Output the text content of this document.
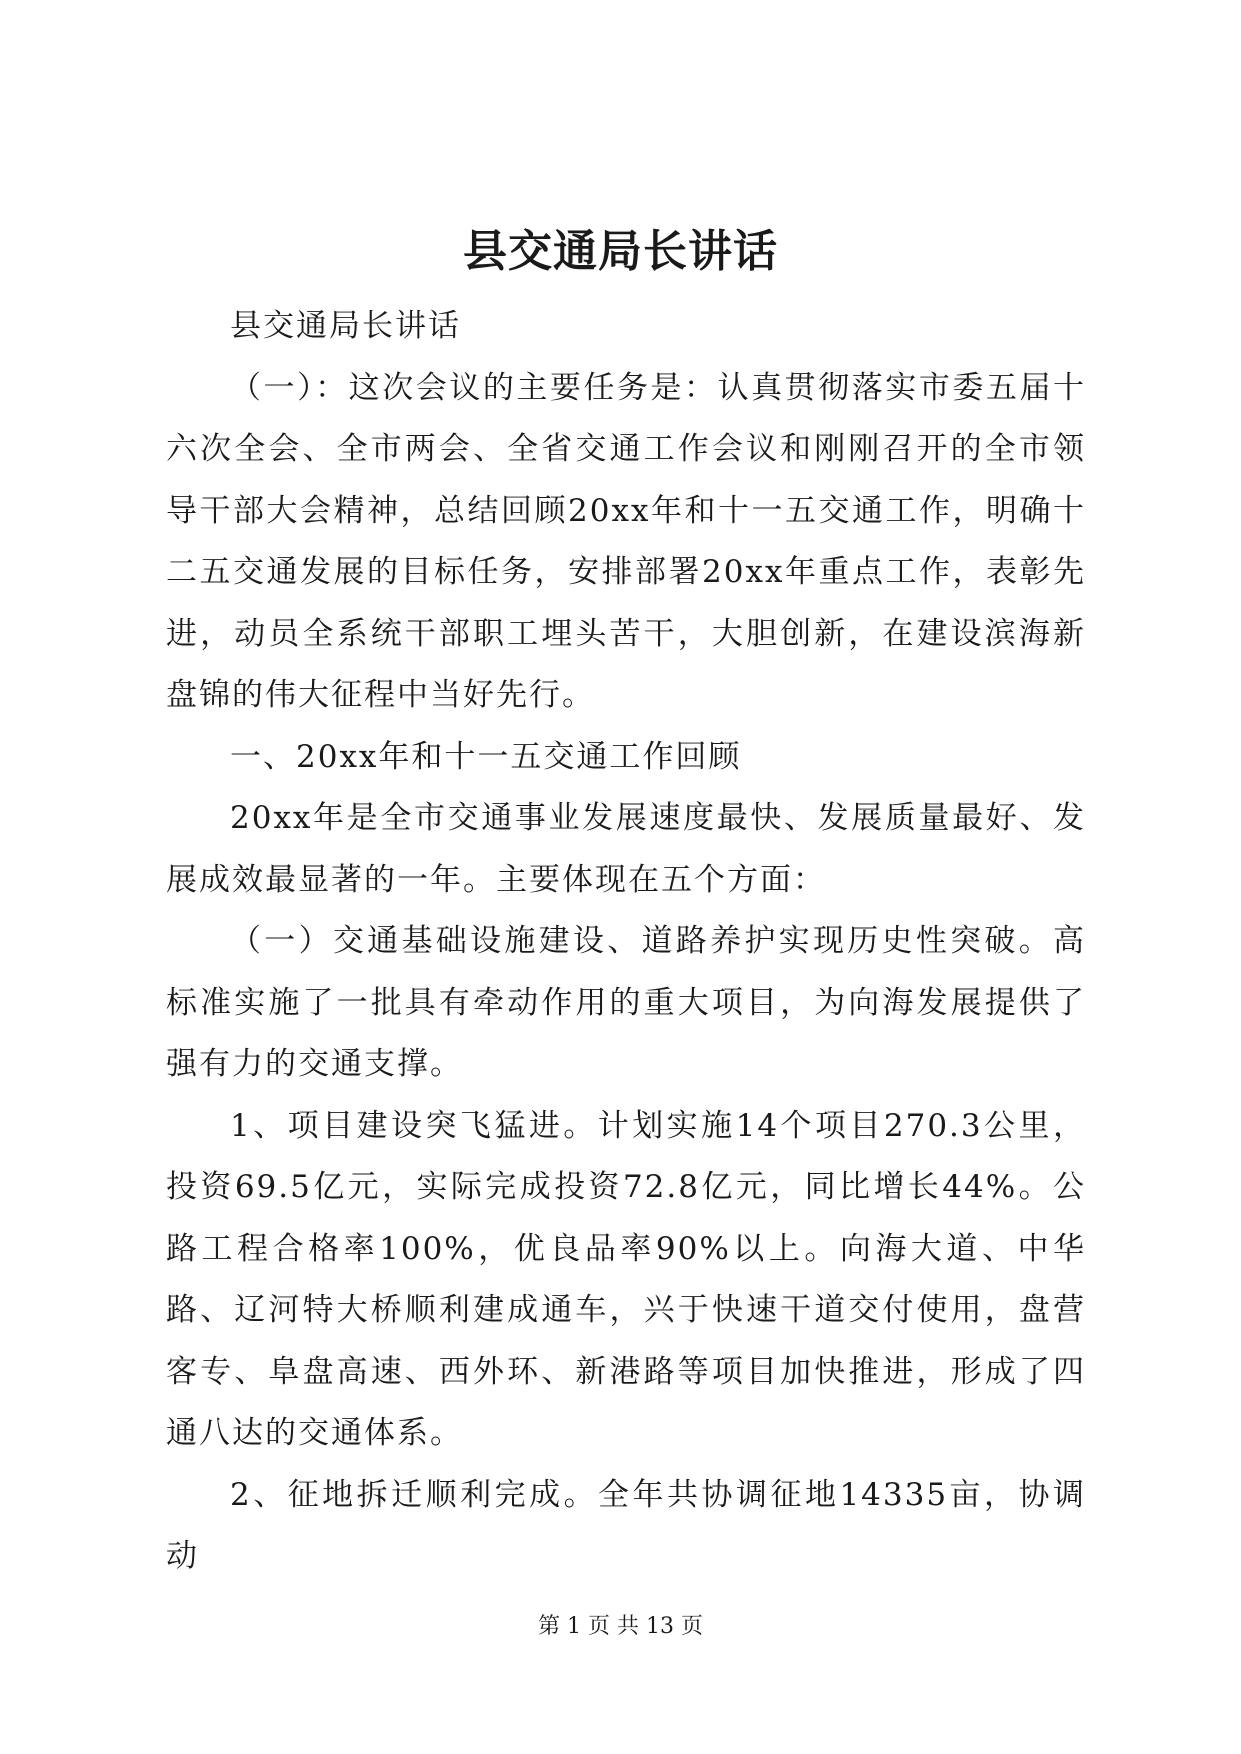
县交通局长讲话

县交通局长讲话

（一）：这次会议的主要任务是：认真贯彻落实市委五届十六次全会、全市两会、全省交通工作会议和刚刚召开的全市领导干部大会精神，总结回顾20xx年和十一五交通工作，明确十二五交通发展的目标任务，安排部署20xx年重点工作，表彰先进，动员全系统干部职工埋头苦干，大胆创新，在建设滨海新盘锦的伟大征程中当好先行。

一、20xx年和十一五交通工作回顾

20xx年是全市交通事业发展速度最快、发展质量最好、发展成效最显著的一年。主要体现在五个方面：

（一）交通基础设施建设、道路养护实现历史性突破。高标准实施了一批具有牵动作用的重大项目，为向海发展提供了强有力的交通支撑。

1、项目建设突飞猛进。计划实施14个项目270.3公里，投资69.5亿元，实际完成投资72.8亿元，同比增长44%。公路工程合格率100%，优良品率90%以上。向海大道、中华路、辽河特大桥顺利建成通车，兴于快速干道交付使用，盘营客专、阜盘高速、西外环、新港路等项目加快推进，形成了四通八达的交通体系。

2、征地拆迁顺利完成。全年共协调征地14335亩，协调动

第 1 页 共 13 页
